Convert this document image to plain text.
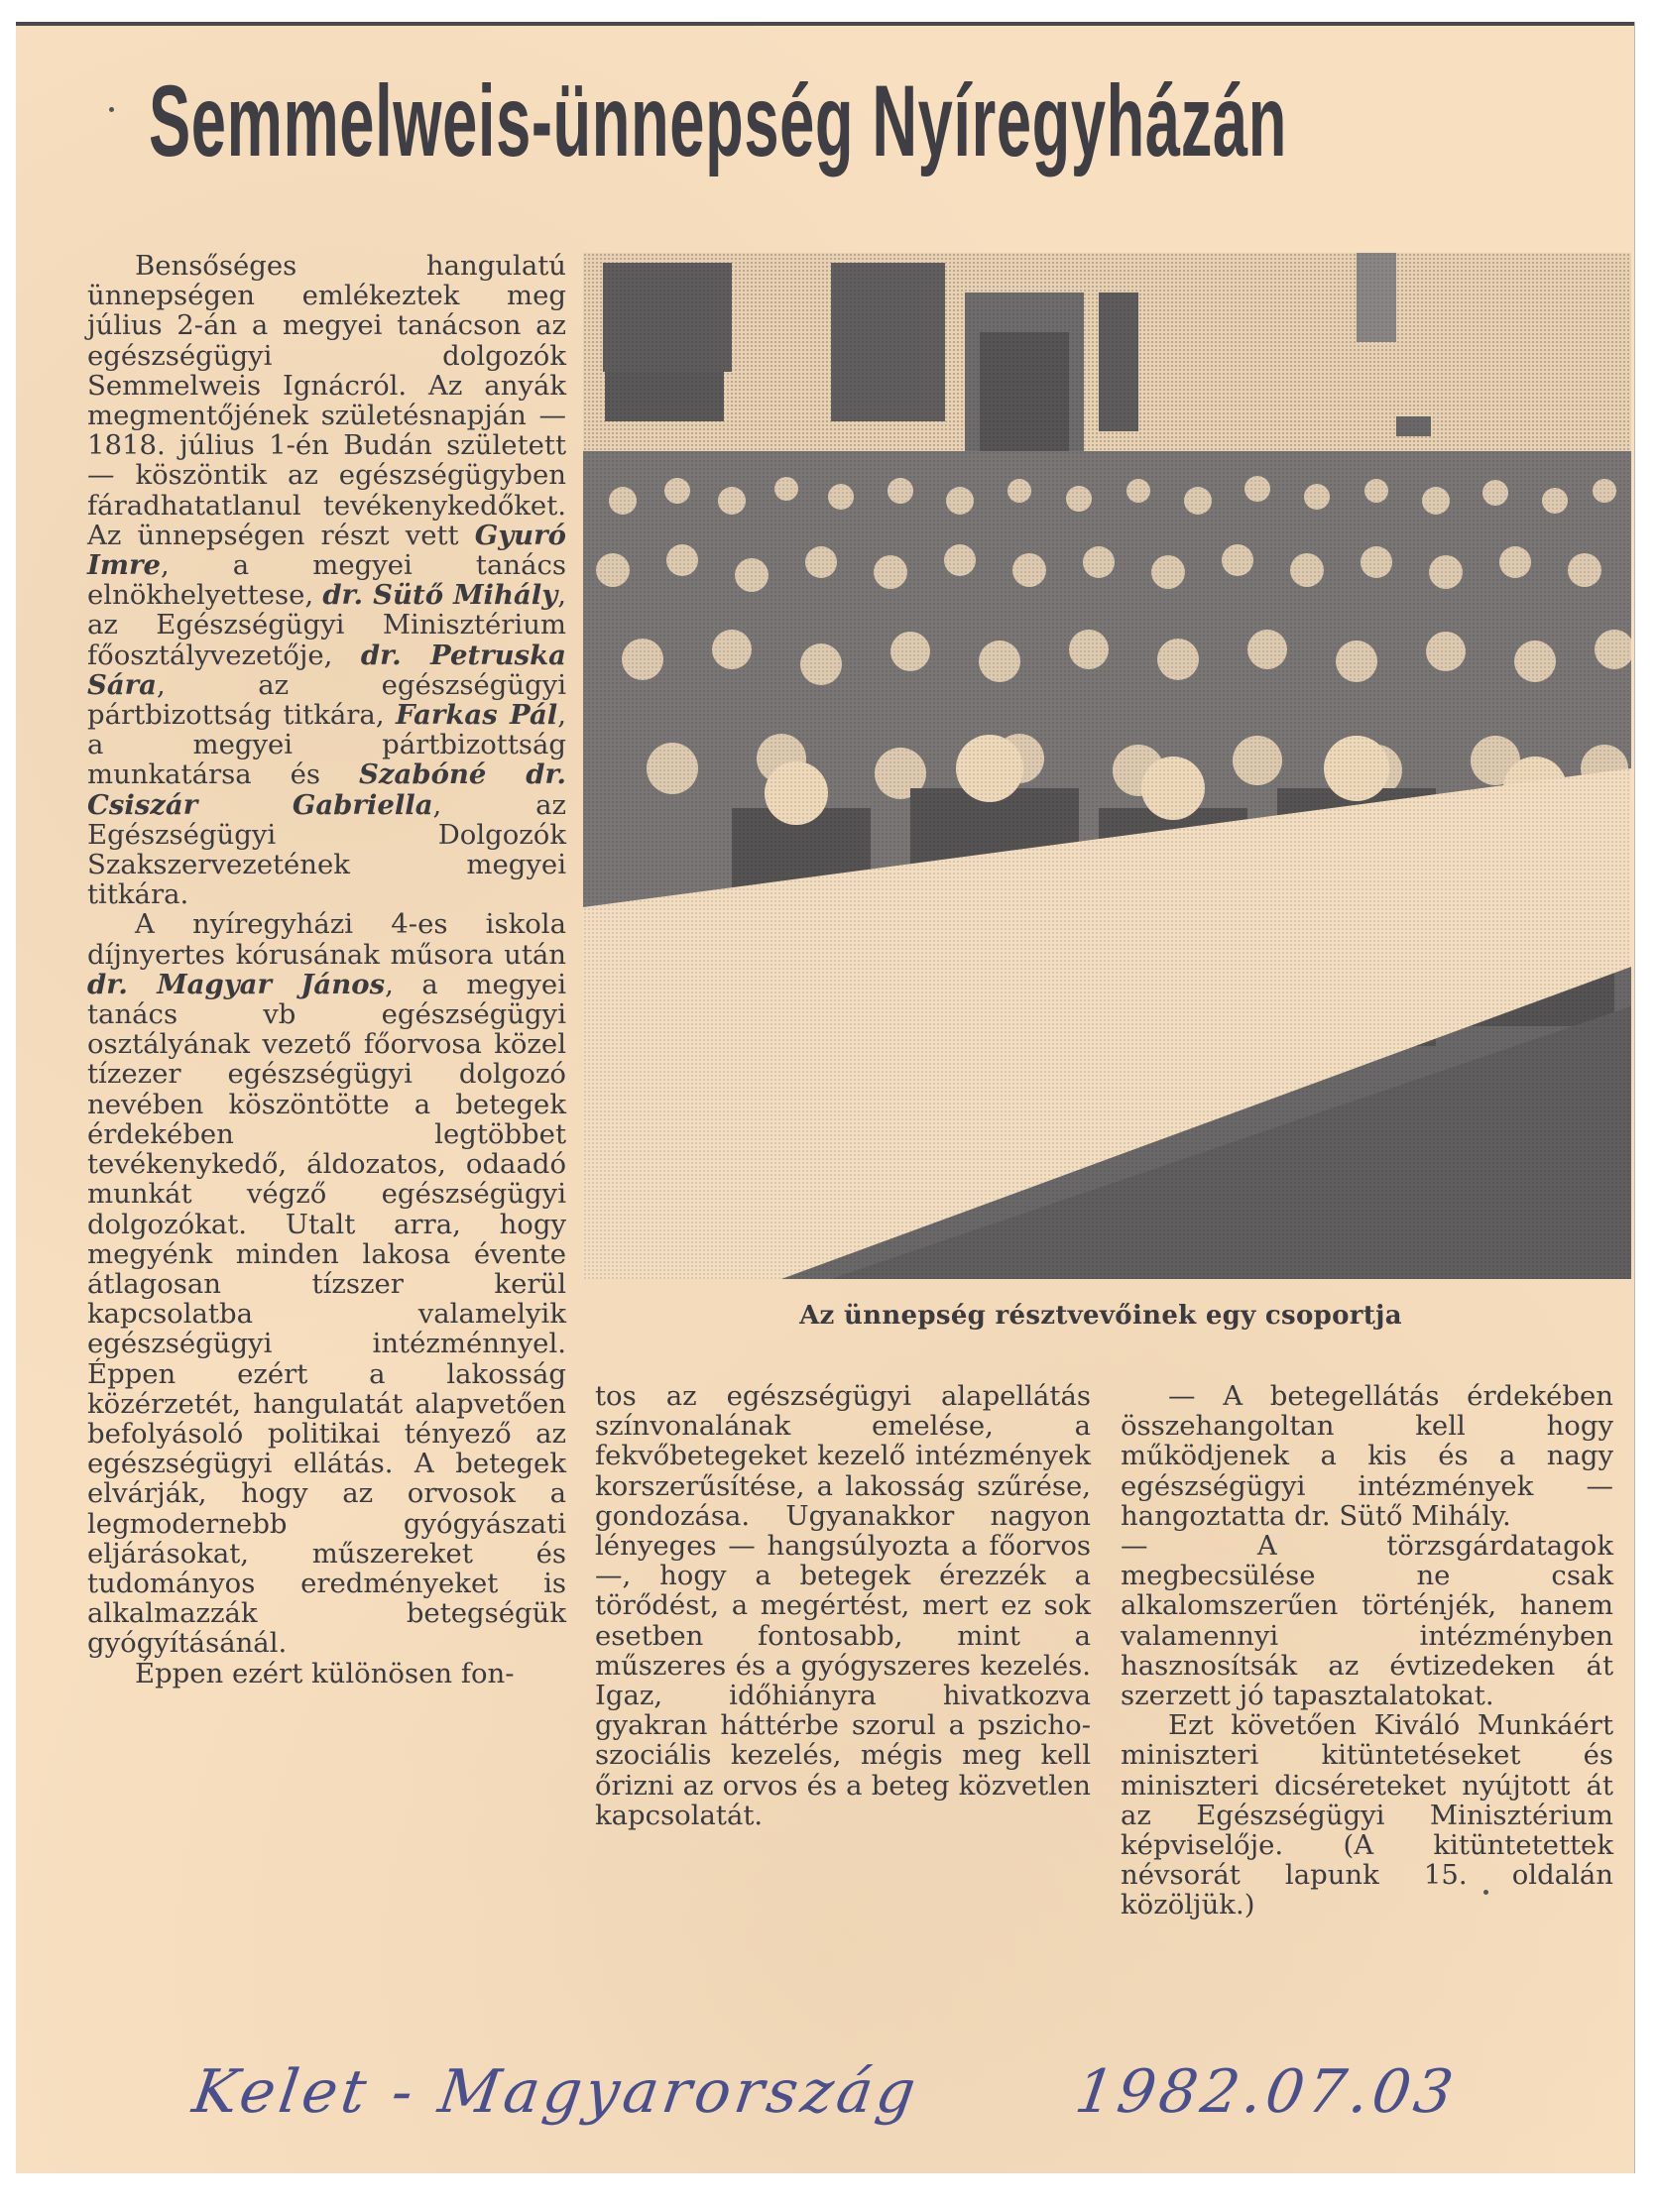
Semmelweis-ünnepség Nyíregyházán
Az ünnepség résztvevőinek egy csoportja

Bensőséges hangulatú ünnepségen emlékeztek meg július 2-án a megyei tanácson az egészségügyi dolgozók Semmelweis Ignácról. Az anyák megmentőjének születésnapján — 1818. július 1-én Budán született — köszöntik az egészségügyben fáradhatatlanul tevékenykedőket. Az ünnepségen részt vett Gyuró Imre, a megyei tanács elnökhelyettese, dr. Sütő Mihály, az Egészségügyi Minisztérium főosztályvezetője, dr. Petruska Sára, az egészségügyi pártbizottság titkára, Farkas Pál, a megyei pártbizottság munkatársa és Szabóné dr. Csiszár Gabriella, az Egészségügyi Dolgozók Szakszervezetének megyei titkára.

A nyíregyházi 4-es iskola díjnyertes kórusának műsora után dr. Magyar János, a megyei tanács vb egészségügyi osztályának vezető főorvosa közel tízezer egészségügyi dolgozó nevében köszöntötte a betegek érdekében legtöbbet tevékenykedő, áldozatos, odaadó munkát végző egészségügyi dolgozókat. Utalt arra, hogy megyénk minden lakosa évente átlagosan tízszer kerül kapcsolatba valamelyik egészségügyi intézménnyel. Éppen ezért a lakosság közérzetét, hangulatát alapvetően befolyásoló politikai tényező az egészségügyi ellátás. A betegek elvárják, hogy az orvosok a legmodernebb gyógyászati eljárásokat, műszereket és tudományos eredményeket is alkalmazzák betegségük gyógyításánál.

Éppen ezért különösen fon-

tos az egészségügyi alapellátás színvonalának emelése, a fekvőbetegeket kezelő intézmények korszerűsítése, a lakosság szűrése, gondozása. Ugyanakkor nagyon lényeges — hangsúlyozta a főorvos —, hogy a betegek érezzék a törődést, a megértést, mert ez sok esetben fontosabb, mint a műszeres és a gyógyszeres kezelés. Igaz, időhiányra hivatkozva gyakran háttérbe szorul a pszicho-szociális kezelés, mégis meg kell őrizni az orvos és a beteg közvetlen kapcsolatát.

— A betegellátás érdekében összehangoltan kell hogy működjenek a kis és a nagy egészségügyi intézmények — hangoztatta dr. Sütő Mihály.

— A törzsgárdatagok megbecsülése ne csak alkalomszerűen történjék, hanem valamennyi intézményben hasznosítsák az évtizedeken át szerzett jó tapasztalatokat.

Ezt követően Kiváló Munkáért miniszteri kitüntetéseket és miniszteri dicséreteket nyújtott át az Egészségügyi Minisztérium képviselője. (A kitüntetettek névsorát lapunk 15. oldalán közöljük.)

Kelet - Magyarország 1982.07.03
